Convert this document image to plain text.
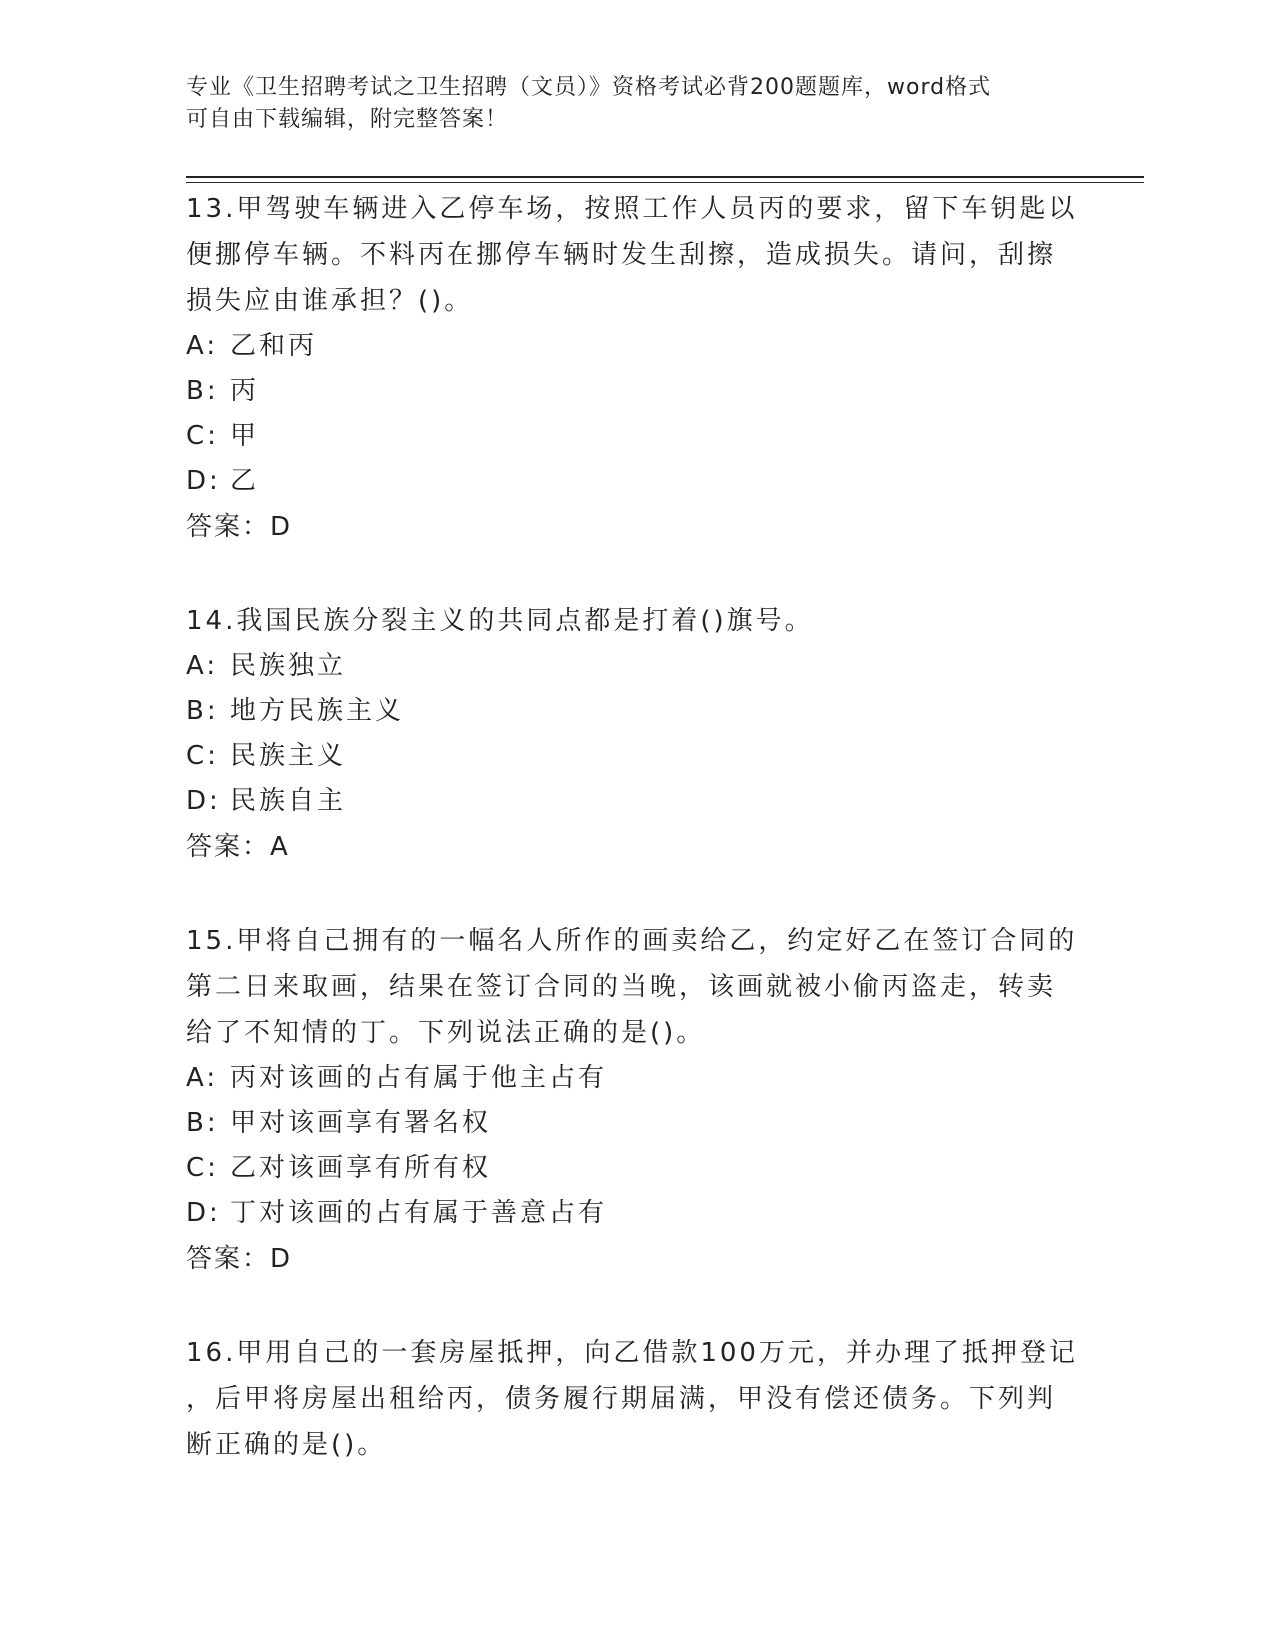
专业《卫生招聘考试之卫生招聘（文员）》资格考试必背200题题库，word格式
可自由下载编辑，附完整答案！
13.甲驾驶车辆进入乙停车场，按照工作人员丙的要求，留下车钥匙以
便挪停车辆。不料丙在挪停车辆时发生刮擦，造成损失。请问，刮擦
损失应由谁承担？()。
A: 乙和丙
B: 丙
C: 甲
D: 乙
答案：D
14.我国民族分裂主义的共同点都是打着()旗号。
A: 民族独立
B: 地方民族主义
C: 民族主义
D: 民族自主
答案：A
15.甲将自己拥有的一幅名人所作的画卖给乙，约定好乙在签订合同的
第二日来取画，结果在签订合同的当晚，该画就被小偷丙盗走，转卖
给了不知情的丁。下列说法正确的是()。
A: 丙对该画的占有属于他主占有
B: 甲对该画享有署名权
C: 乙对该画享有所有权
D: 丁对该画的占有属于善意占有
答案：D
16.甲用自己的一套房屋抵押，向乙借款100万元，并办理了抵押登记
，后甲将房屋出租给丙，债务履行期届满，甲没有偿还债务。下列判
断正确的是()。
